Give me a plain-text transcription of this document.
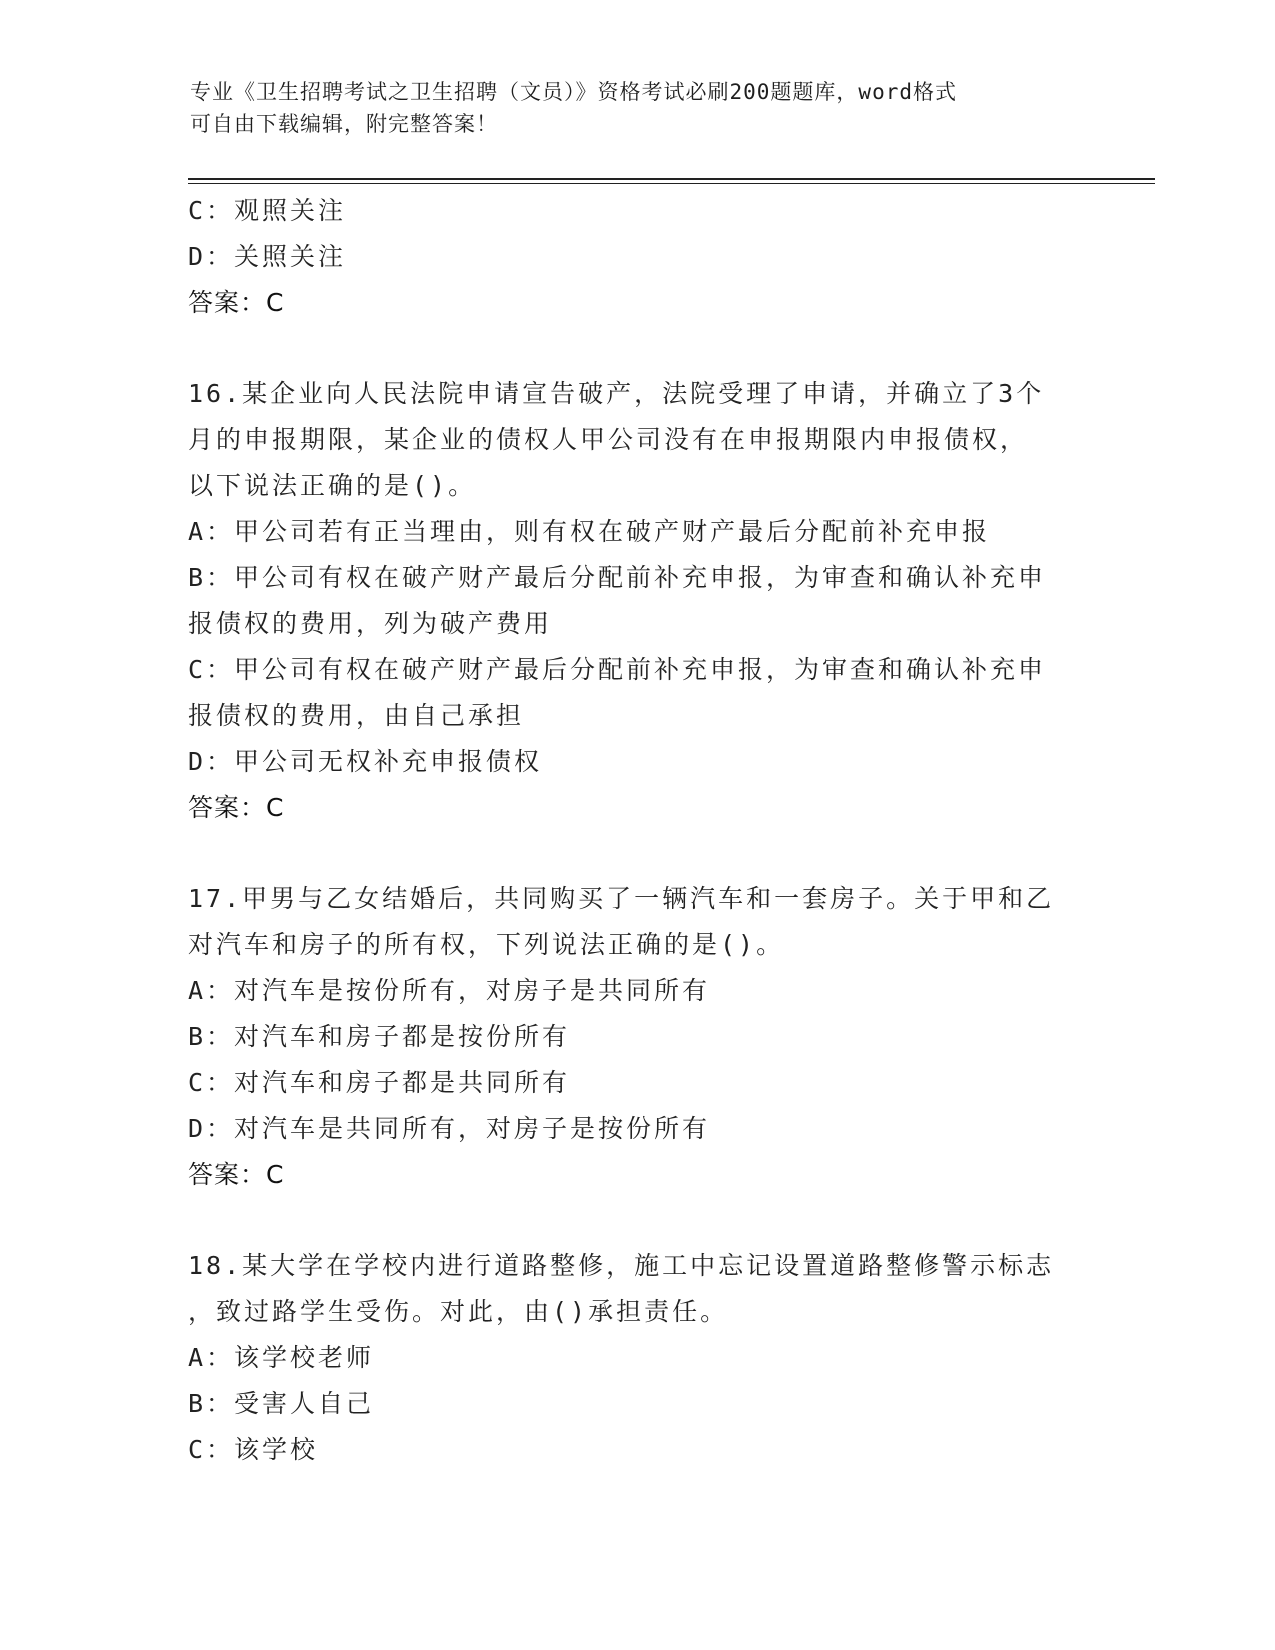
专业《卫生招聘考试之卫生招聘（文员）》资格考试必刷200题题库，word格式
可自由下载编辑，附完整答案！
C：观照关注
D：关照关注
答案：C
16.某企业向人民法院申请宣告破产，法院受理了申请，并确立了3个
月的申报期限，某企业的债权人甲公司没有在申报期限内申报债权，
以下说法正确的是()。
A：甲公司若有正当理由，则有权在破产财产最后分配前补充申报
B：甲公司有权在破产财产最后分配前补充申报，为审查和确认补充申
报债权的费用，列为破产费用
C：甲公司有权在破产财产最后分配前补充申报，为审查和确认补充申
报债权的费用，由自己承担
D：甲公司无权补充申报债权
答案：C
17.甲男与乙女结婚后，共同购买了一辆汽车和一套房子。关于甲和乙
对汽车和房子的所有权，下列说法正确的是()。
A：对汽车是按份所有，对房子是共同所有
B：对汽车和房子都是按份所有
C：对汽车和房子都是共同所有
D：对汽车是共同所有，对房子是按份所有
答案：C
18.某大学在学校内进行道路整修，施工中忘记设置道路整修警示标志
，致过路学生受伤。对此，由()承担责任。
A：该学校老师
B：受害人自己
C：该学校
